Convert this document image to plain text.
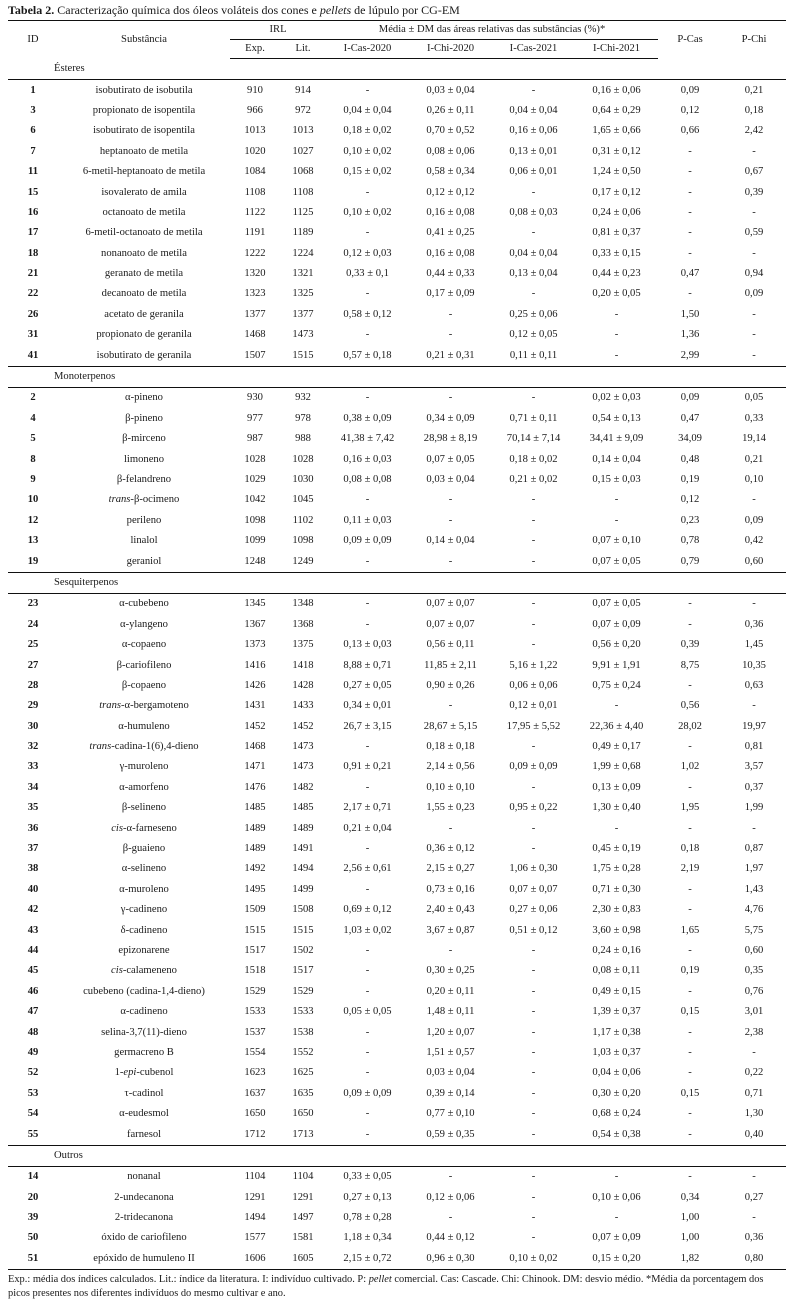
Tabela 2. Caracterização química dos óleos voláteis dos cones e pellets de lúpulo por CG-EM
ID	Substância	IRL		Média ± DM das áreas relativas das substâncias (%)*				P-Cas	P-Chi
		Exp.	Lit.	I-Cas-2020	I-Chi-2020	I-Cas-2021	I-Chi-2021		
Ésteres									
1	isobutirato de isobutila	910	914	-	0,03 ± 0,04	-	0,16 ± 0,06	0,09	0,21
3	propionato de isopentila	966	972	0,04 ± 0,04	0,26 ± 0,11	0,04 ± 0,04	0,64 ± 0,29	0,12	0,18
6	isobutirato de isopentila	1013	1013	0,18 ± 0,02	0,70 ± 0,52	0,16 ± 0,06	1,65 ± 0,66	0,66	2,42
7	heptanoato de metila	1020	1027	0,10 ± 0,02	0,08 ± 0,06	0,13 ± 0,01	0,31 ± 0,12	-	-
11	6-metil-heptanoato de metila	1084	1068	0,15 ± 0,02	0,58 ± 0,34	0,06 ± 0,01	1,24 ± 0,50	-	0,67
15	isovalerato de amila	1108	1108	-	0,12 ± 0,12	-	0,17 ± 0,12	-	0,39
16	octanoato de metila	1122	1125	0,10 ± 0,02	0,16 ± 0,08	0,08 ± 0,03	0,24 ± 0,06	-	-
17	6-metil-octanoato de metila	1191	1189	-	0,41 ± 0,25	-	0,81 ± 0,37	-	0,59
18	nonanoato de metila	1222	1224	0,12 ± 0,03	0,16 ± 0,08	0,04 ± 0,04	0,33 ± 0,15	-	-
21	geranato de metila	1320	1321	0,33 ± 0,1	0,44 ± 0,33	0,13 ± 0,04	0,44 ± 0,23	0,47	0,94
22	decanoato de metila	1323	1325	-	0,17 ± 0,09	-	0,20 ± 0,05	-	0,09
26	acetato de geranila	1377	1377	0,58 ± 0,12	-	0,25 ± 0,06	-	1,50	-
31	propionato de geranila	1468	1473	-	-	0,12 ± 0,05	-	1,36	-
41	isobutirato de geranila	1507	1515	0,57 ± 0,18	0,21 ± 0,31	0,11 ± 0,11	-	2,99	-
Monoterpenos									
2	α-pineno	930	932	-	-	-	0,02 ± 0,03	0,09	0,05
4	β-pineno	977	978	0,38 ± 0,09	0,34 ± 0,09	0,71 ± 0,11	0,54 ± 0,13	0,47	0,33
5	β-mirceno	987	988	41,38 ± 7,42	28,98 ± 8,19	70,14 ± 7,14	34,41 ± 9,09	34,09	19,14
8	limoneno	1028	1028	0,16 ± 0,03	0,07 ± 0,05	0,18 ± 0,02	0,14 ± 0,04	0,48	0,21
9	β-felandreno	1029	1030	0,08 ± 0,08	0,03 ± 0,04	0,21 ± 0,02	0,15 ± 0,03	0,19	0,10
10	trans-β-ocimeno	1042	1045	-	-	-	-	0,12	-
12	perileno	1098	1102	0,11 ± 0,03	-	-	-	0,23	0,09
13	linalol	1099	1098	0,09 ± 0,09	0,14 ± 0,04	-	0,07 ± 0,10	0,78	0,42
19	geraniol	1248	1249	-	-	-	0,07 ± 0,05	0,79	0,60
Sesquiterpenos									
23	α-cubebeno	1345	1348	-	0,07 ± 0,07	-	0,07 ± 0,05	-	-
24	α-ylangeno	1367	1368	-	0,07 ± 0,07	-	0,07 ± 0,09	-	0,36
25	α-copaeno	1373	1375	0,13 ± 0,03	0,56 ± 0,11	-	0,56 ± 0,20	0,39	1,45
27	β-cariofileno	1416	1418	8,88 ± 0,71	11,85 ± 2,11	5,16 ± 1,22	9,91 ± 1,91	8,75	10,35
28	β-copaeno	1426	1428	0,27 ± 0,05	0,90 ± 0,26	0,06 ± 0,06	0,75 ± 0,24	-	0,63
29	trans-α-bergamoteno	1431	1433	0,34 ± 0,01	-	0,12 ± 0,01	-	0,56	-
30	α-humuleno	1452	1452	26,7 ± 3,15	28,67 ± 5,15	17,95 ± 5,52	22,36 ± 4,40	28,02	19,97
32	trans-cadina-1(6),4-dieno	1468	1473	-	0,18 ± 0,18	-	0,49 ± 0,17	-	0,81
33	γ-muroleno	1471	1473	0,91 ± 0,21	2,14 ± 0,56	0,09 ± 0,09	1,99 ± 0,68	1,02	3,57
34	α-amorfeno	1476	1482	-	0,10 ± 0,10	-	0,13 ± 0,09	-	0,37
35	β-selineno	1485	1485	2,17 ± 0,71	1,55 ± 0,23	0,95 ± 0,22	1,30 ± 0,40	1,95	1,99
36	cis-α-farneseno	1489	1489	0,21 ± 0,04	-	-	-	-	-
37	β-guaieno	1489	1491	-	0,36 ± 0,12	-	0,45 ± 0,19	0,18	0,87
38	α-selineno	1492	1494	2,56 ± 0,61	2,15 ± 0,27	1,06 ± 0,30	1,75 ± 0,28	2,19	1,97
40	α-muroleno	1495	1499	-	0,73 ± 0,16	0,07 ± 0,07	0,71 ± 0,30	-	1,43
42	γ-cadineno	1509	1508	0,69 ± 0,12	2,40 ± 0,43	0,27 ± 0,06	2,30 ± 0,83	-	4,76
43	δ-cadineno	1515	1515	1,03 ± 0,02	3,67 ± 0,87	0,51 ± 0,12	3,60 ± 0,98	1,65	5,75
44	epizonarene	1517	1502	-	-	-	0,24 ± 0,16	-	0,60
45	cis-calameneno	1518	1517	-	0,30 ± 0,25	-	0,08 ± 0,11	0,19	0,35
46	cubebeno (cadina-1,4-dieno)	1529	1529	-	0,20 ± 0,11	-	0,49 ± 0,15	-	0,76
47	α-cadineno	1533	1533	0,05 ± 0,05	1,48 ± 0,11	-	1,39 ± 0,37	0,15	3,01
48	selina-3,7(11)-dieno	1537	1538	-	1,20 ± 0,07	-	1,17 ± 0,38	-	2,38
49	germacreno B	1554	1552	-	1,51 ± 0,57	-	1,03 ± 0,37	-	-
52	1-epi-cubenol	1623	1625	-	0,03 ± 0,04	-	0,04 ± 0,06	-	0,22
53	τ-cadinol	1637	1635	0,09 ± 0,09	0,39 ± 0,14	-	0,30 ± 0,20	0,15	0,71
54	α-eudesmol	1650	1650	-	0,77 ± 0,10	-	0,68 ± 0,24	-	1,30
55	farnesol	1712	1713	-	0,59 ± 0,35	-	0,54 ± 0,38	-	0,40
Outros									
14	nonanal	1104	1104	0,33 ± 0,05	-	-	-	-	-
20	2-undecanona	1291	1291	0,27 ± 0,13	0,12 ± 0,06	-	0,10 ± 0,06	0,34	0,27
39	2-tridecanona	1494	1497	0,78 ± 0,28	-	-	-	1,00	-
50	óxido de cariofileno	1577	1581	1,18 ± 0,34	0,44 ± 0,12	-	0,07 ± 0,09	1,00	0,36
51	epóxido de humuleno II	1606	1605	2,15 ± 0,72	0,96 ± 0,30	0,10 ± 0,02	0,15 ± 0,20	1,82	0,80
Exp.: média dos índices calculados. Lit.: índice da literatura. I: indivíduo cultivado. P: pellet comercial. Cas: Cascade. Chi: Chinook. DM: desvio médio. *Média da porcentagem dos picos presentes nos diferentes indivíduos do mesmo cultivar e ano.
